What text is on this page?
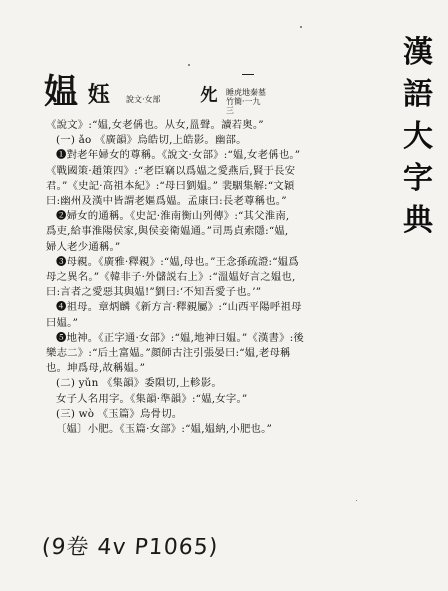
漢
語
大
字
典
媪 𡛼 說文·女部 𡖅 睡虎地秦墓竹簡·一九三

《說文》:“媪,女老偁也。从女,𥁕聲。讀若奥。”

(一) ǎo 《廣韻》烏皓切,上皓影。幽部。

❶對老年婦女的尊稱。《說文·女部》:“媪,女老偁也。”

《戰國策·趙策四》:“老臣竊以爲媪之愛燕后,賢于長安

君。”《史記·高祖本紀》:“母曰劉媪。” 裴駰集解:“文穎

曰:幽州及漢中皆謂老嫗爲媪。孟康曰:長老尊稱也。”

❷婦女的通稱。《史記·淮南衡山列傳》:“其父淮南,

爲吏,給事淮陽侯家,與侯妾衛媪通。”司馬貞索隱:“媪,

婦人老少通稱。”

❸母親。《廣雅·釋親》:“媪,母也。”王念孫疏證:“媪爲

母之異名。”《韓非子·外儲説右上》:“溫媪好言之媪也,

曰:言者之愛惡其與媪!”劉曰:‘不知吾愛子也。’”

❹祖母。章炳麟《新方言·釋親屬》:“山西平陽呼祖母

曰媪。”

❺地神。《正字通·女部》:“媪,地神曰媪。”《漢書》:後

樂志二》:“后土富媪。”顔師古注引張晏曰:“媪,老母稱

也。坤爲母,故稱媪。”

(二) yǔn 《集韻》委隕切,上軫影。

女子人名用字。《集韻·準韻》:“媪,女字。”

(三) wò 《玉篇》烏骨切。

〔媪〕小肥。《玉篇·女部》:“媪,媪納,小肥也。”

(9卷 4v P1065)
